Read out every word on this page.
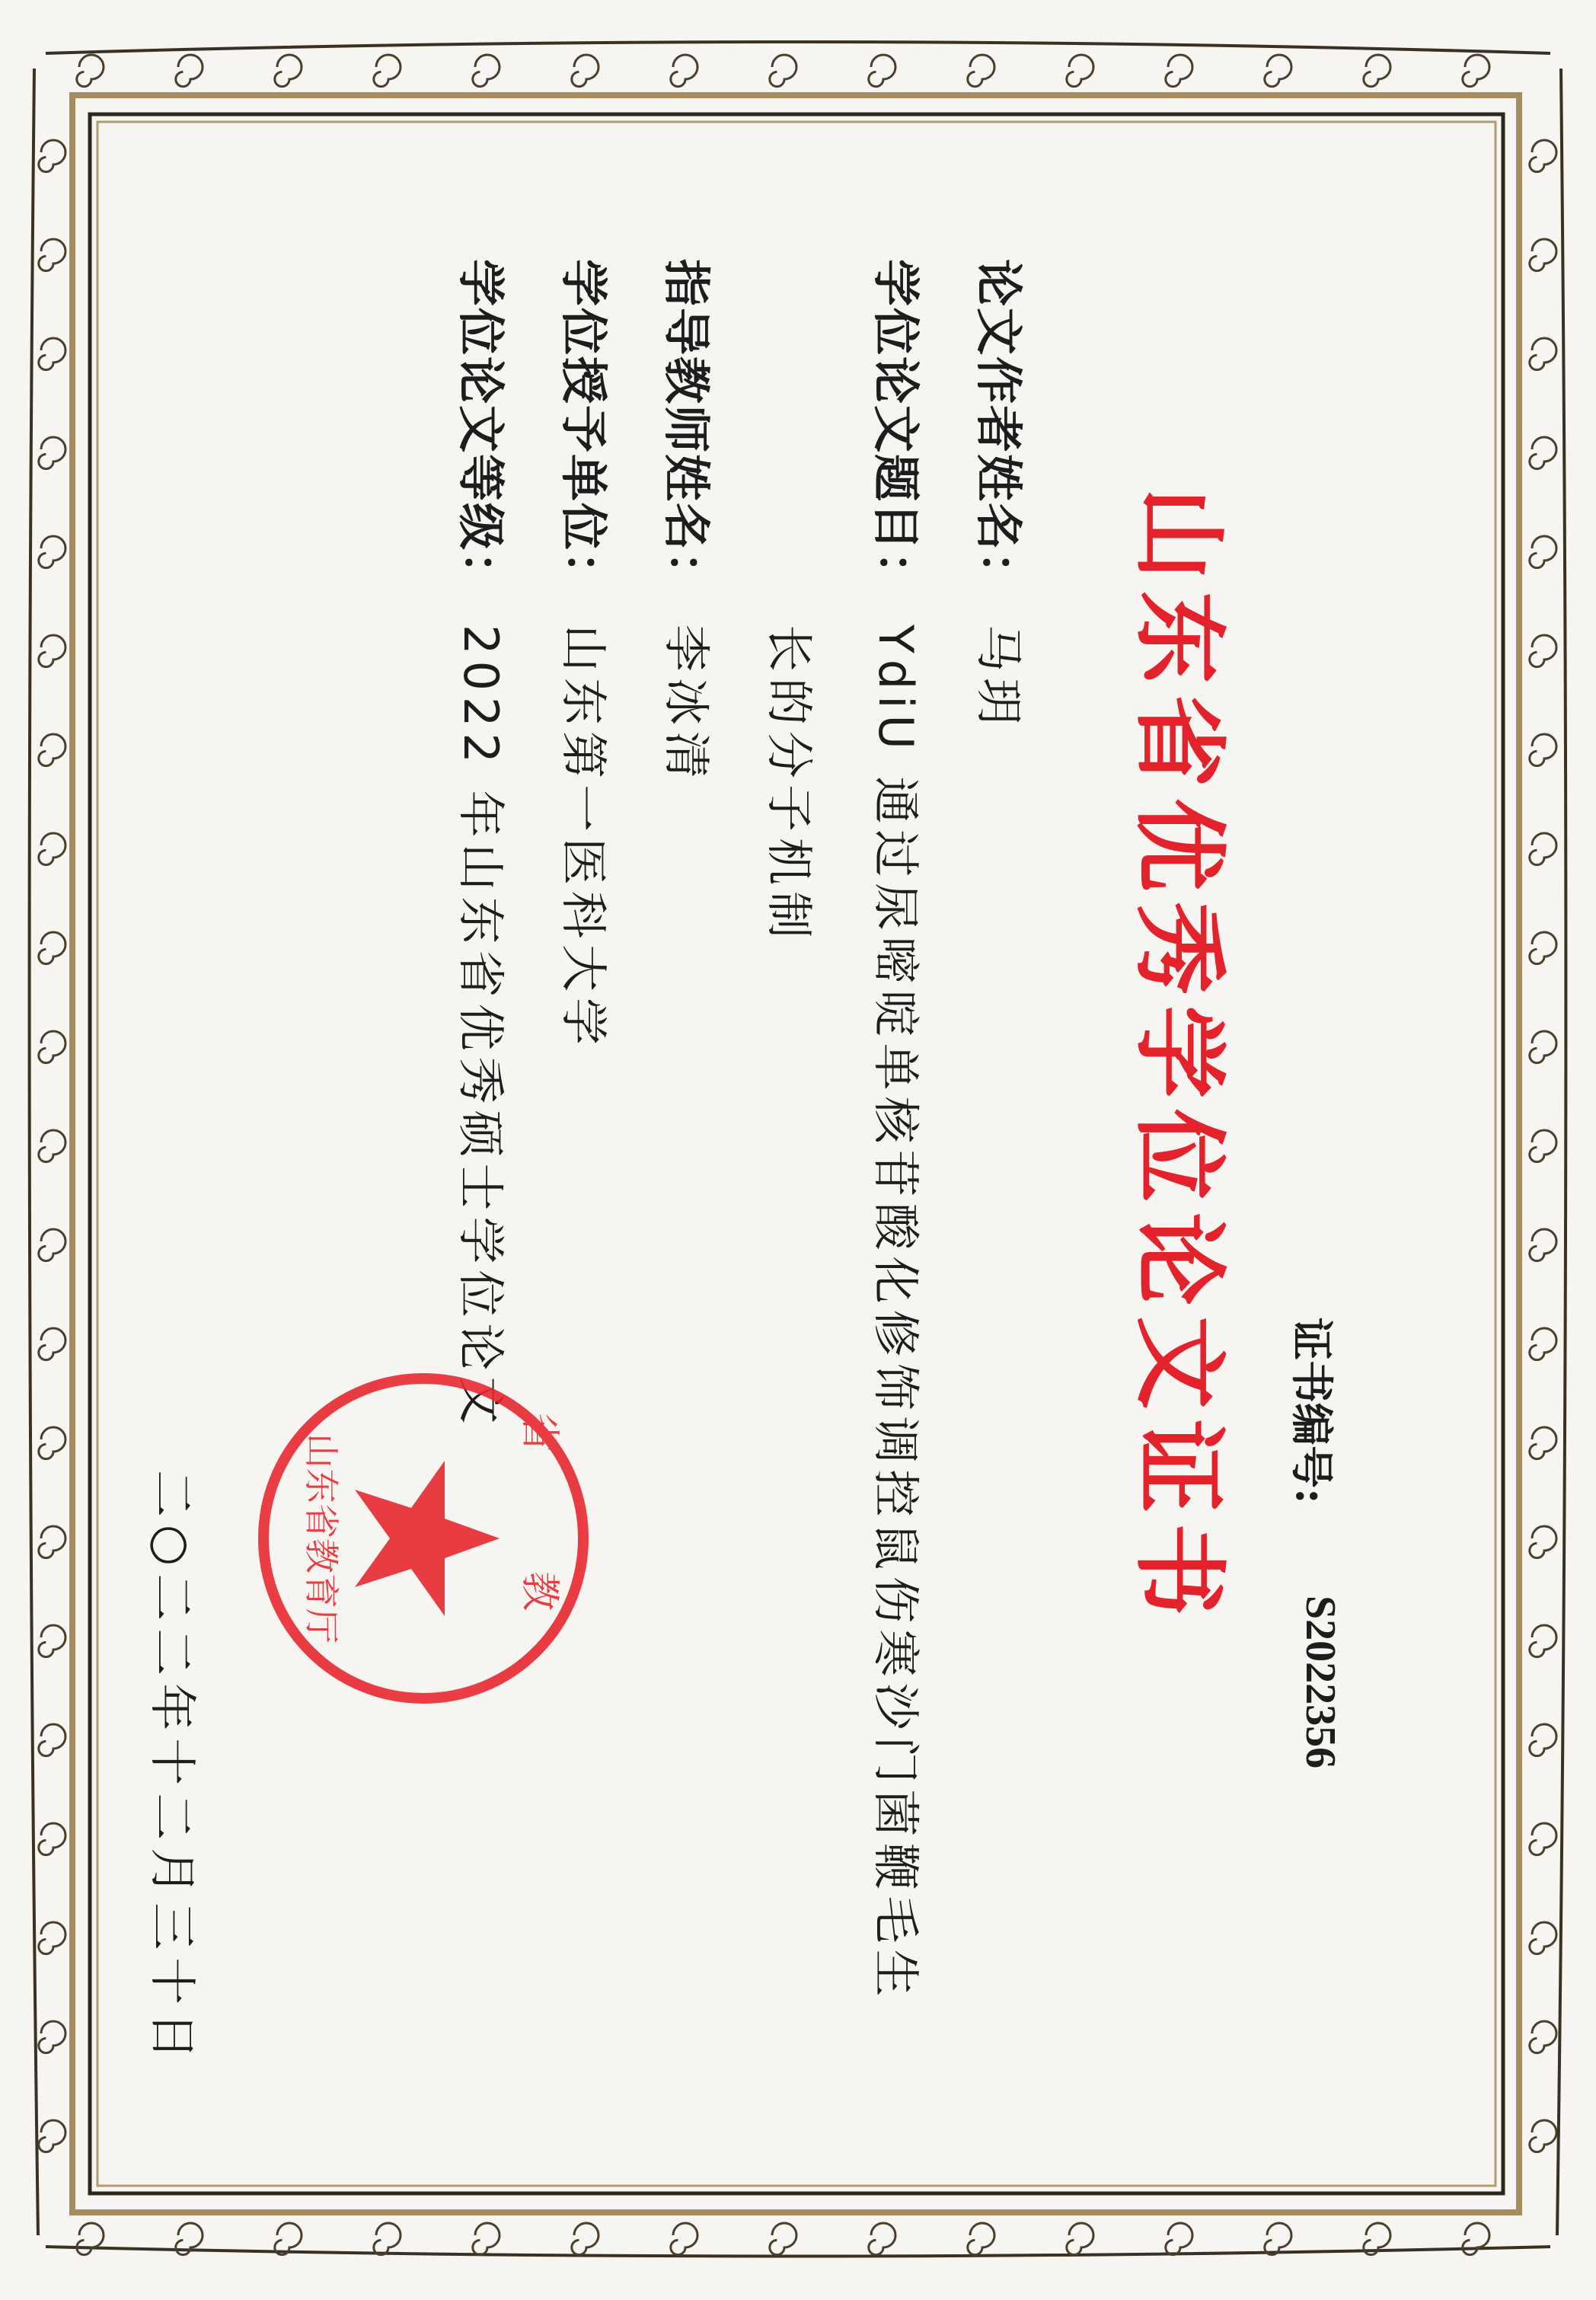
山东省优秀学位论文证书	证书编号:
S2022356
论文作者姓名：
马玥
学位论文题目：
YdiU 通过尿嘧啶单核苷酸化修饰调控鼠伤寒沙门菌鞭毛生
长的分子机制
指导教师姓名：
李冰清
学位授予单位：
山东第一医科大学
学位论文等级：
2022 年山东省优秀硕士学位论文
二○二二年十二月三十日	省 教
山东省教育厅
